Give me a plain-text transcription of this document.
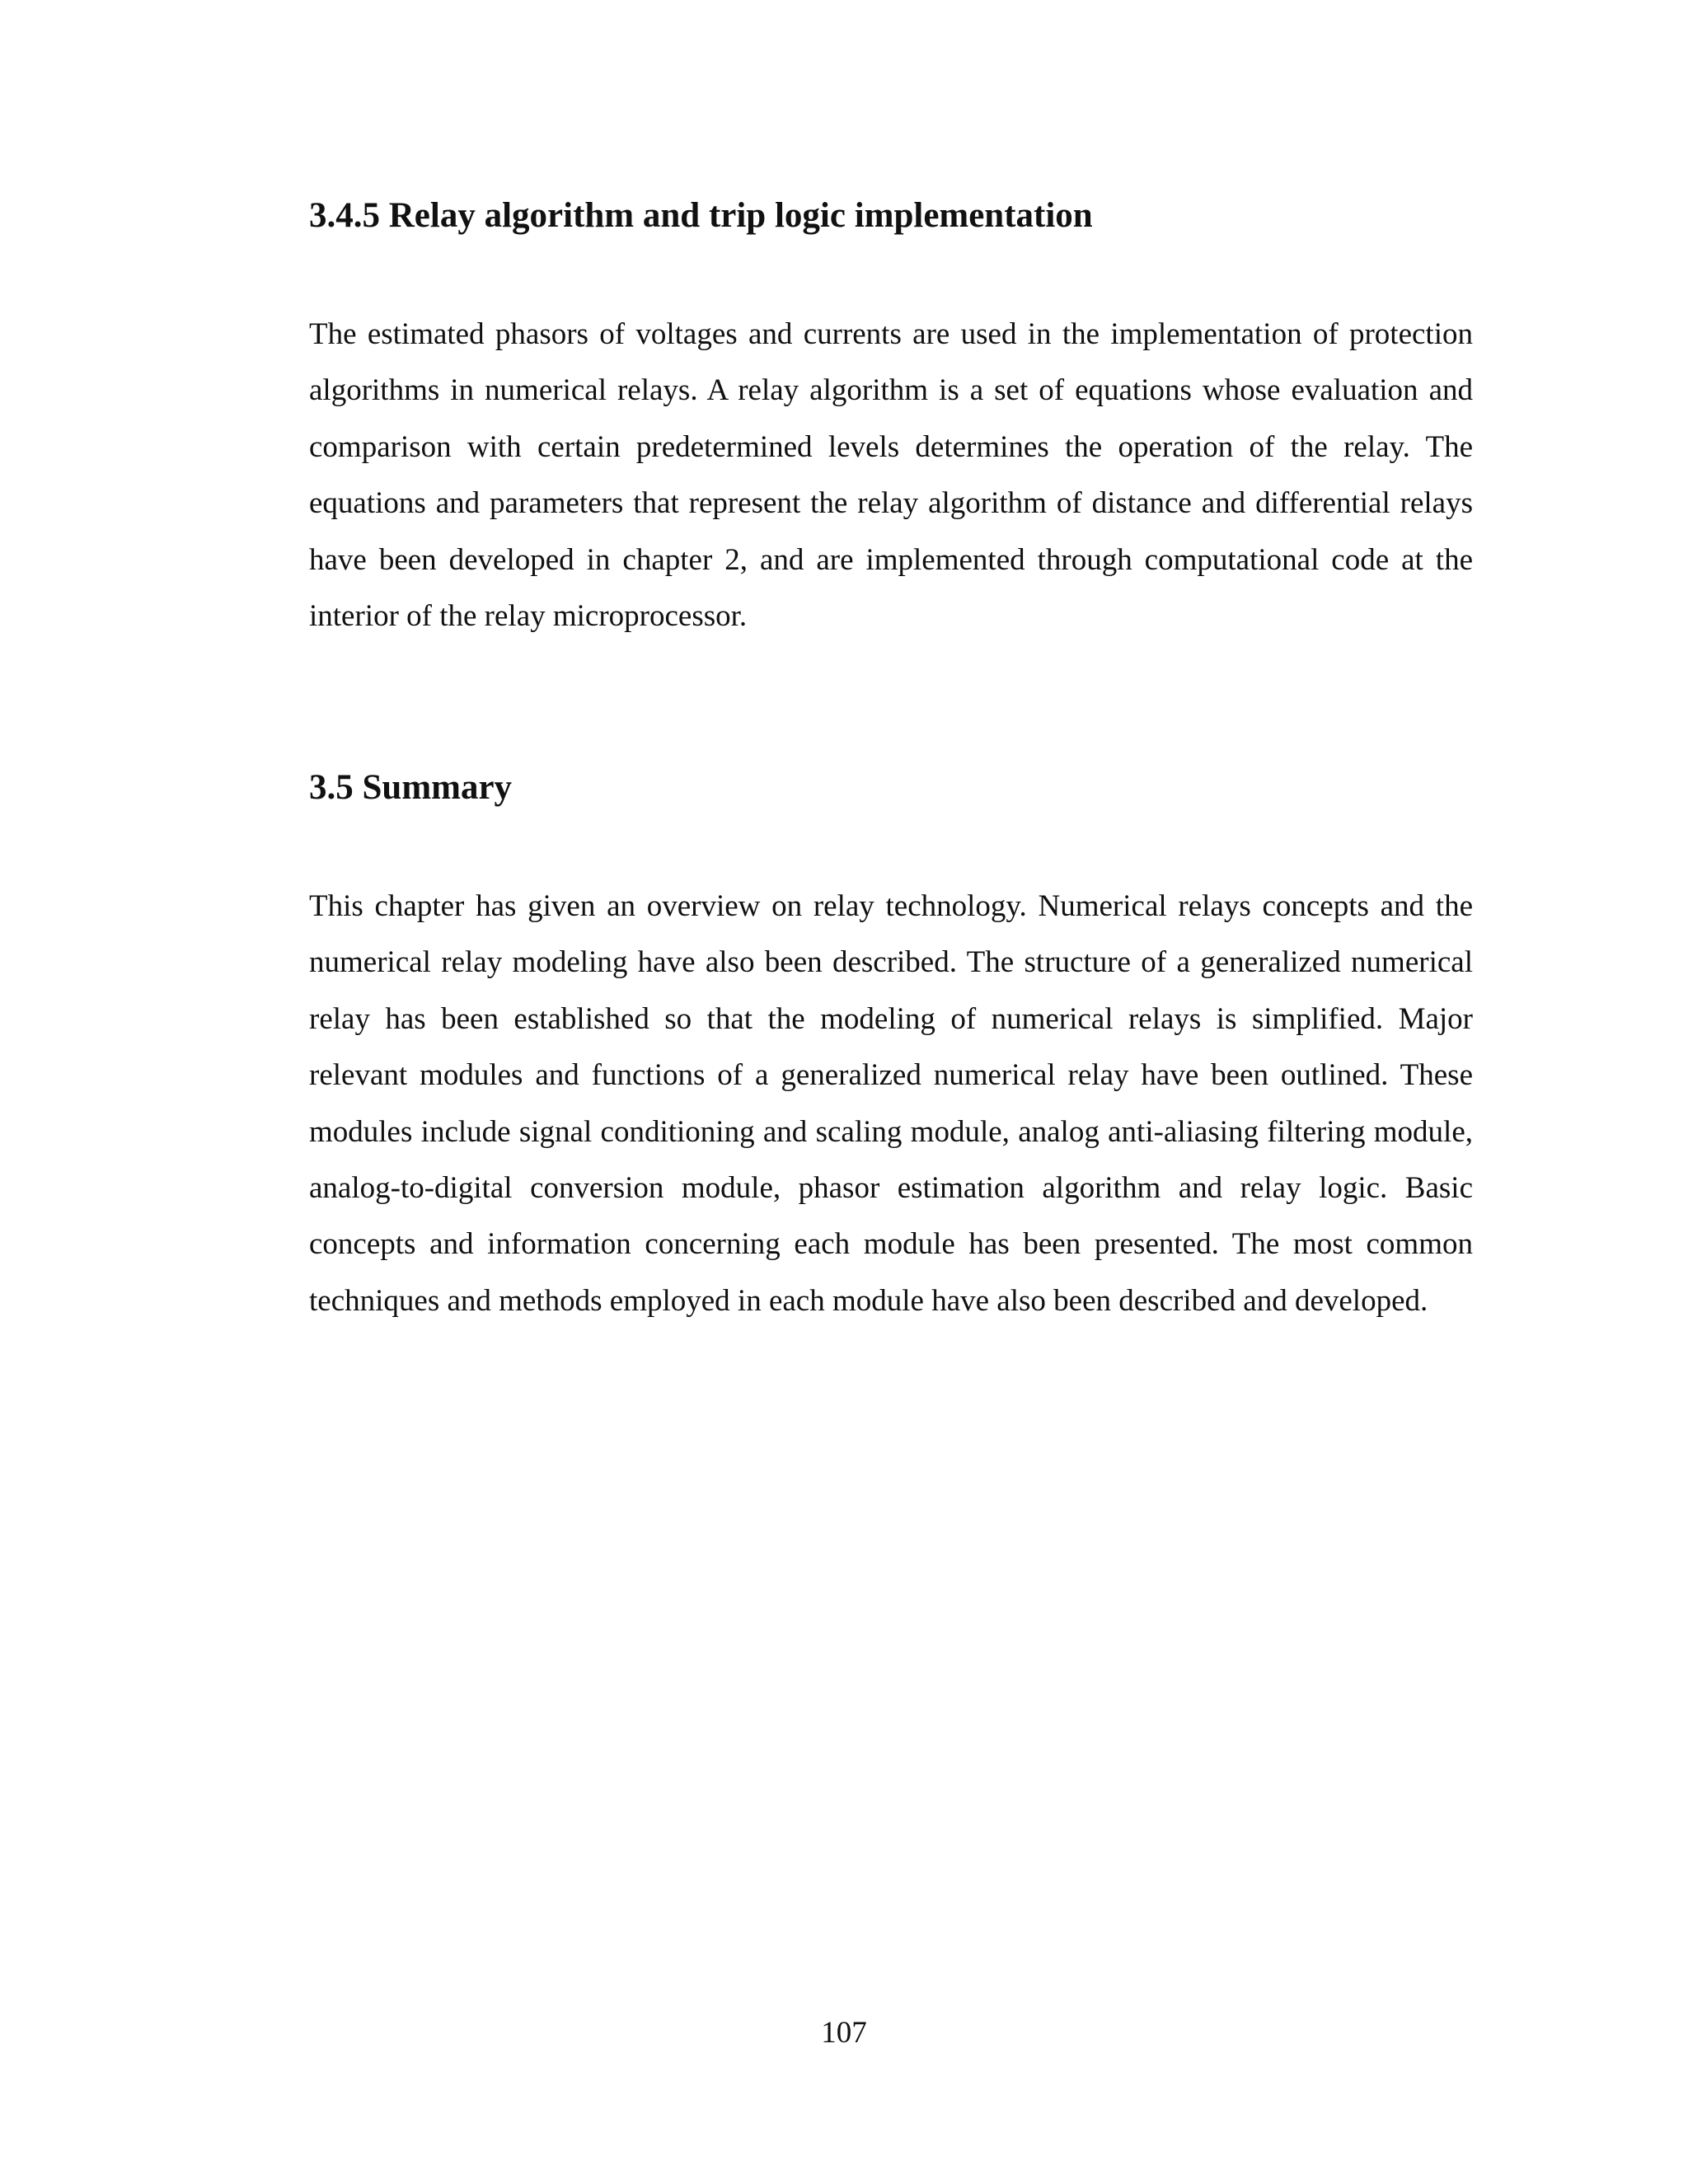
3.4.5 Relay algorithm and trip logic implementation

The estimated phasors of voltages and currents are used in the implementation of protection algorithms in numerical relays. A relay algorithm is a set of equations whose evaluation and comparison with certain predetermined levels determines the operation of the relay. The equations and parameters that represent the relay algorithm of distance and differential relays have been developed in chapter 2, and are implemented through computational code at the interior of the relay microprocessor.

3.5 Summary

This chapter has given an overview on relay technology. Numerical relays concepts and the numerical relay modeling have also been described. The structure of a generalized numerical relay has been established so that the modeling of numerical relays is simplified. Major relevant modules and functions of a generalized numerical relay have been outlined. These modules include signal conditioning and scaling module, analog anti-aliasing filtering module, analog-to-digital conversion module, phasor estimation algorithm and relay logic. Basic concepts and information concerning each module has been presented. The most common techniques and methods employed in each module have also been described and developed.

107
